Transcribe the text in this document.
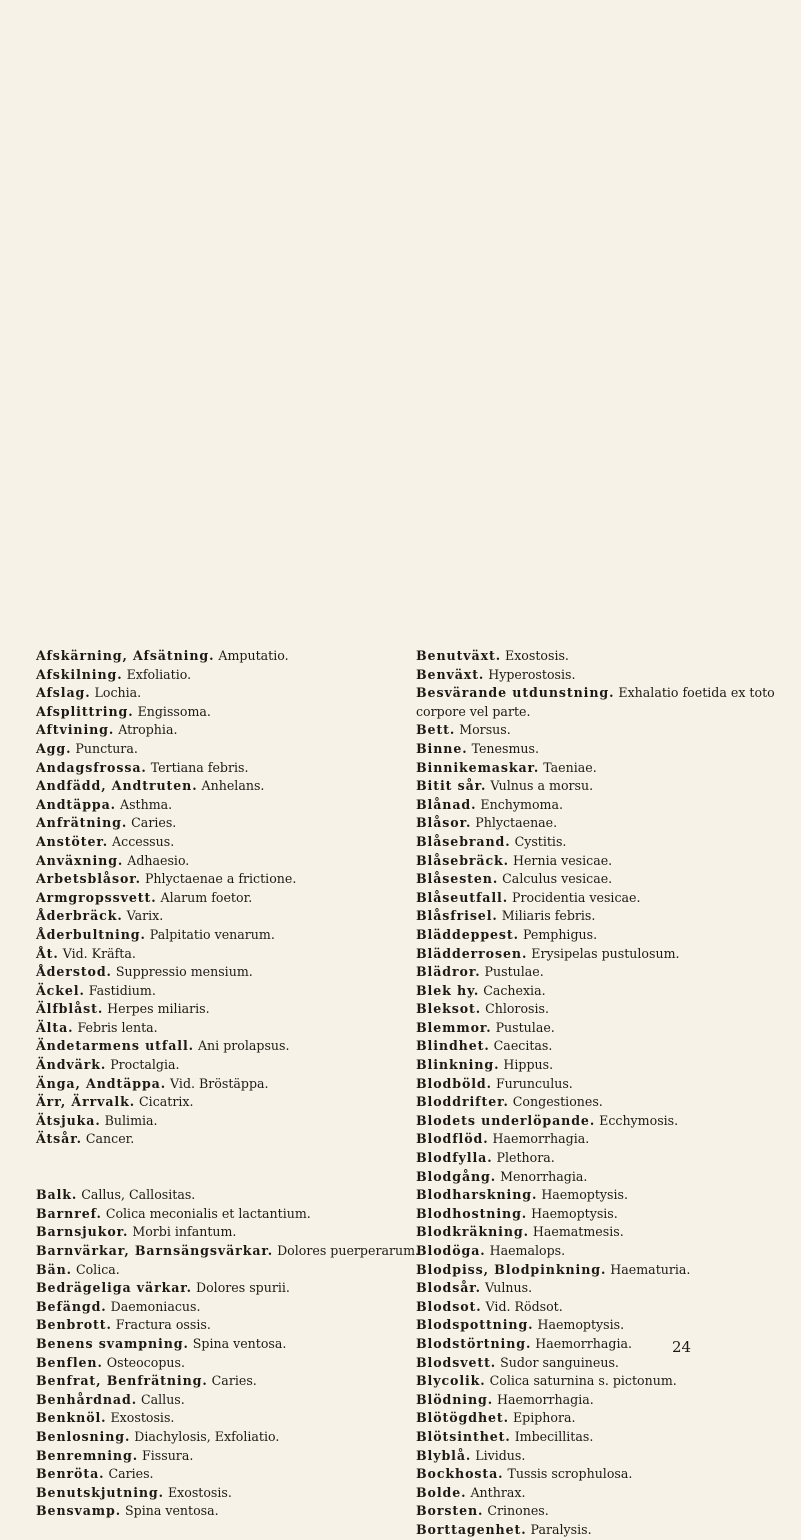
Afskärning, Afsätning. Amputatio.
Afskilning. Exfoliatio.
Afslag. Lochia.
Afsplittring. Engissoma.
Aftvining. Atrophia.
Agg. Punctura.
Andagsfrossa. Tertiana febris.
Andfädd, Andtruten. Anhelans.
Andtäppa. Asthma.
Anfrätning. Caries.
Anstöter. Accessus.
Anväxning. Adhaesio.
Arbetsblåsor. Phlyctaenae a frictione.
Armgropssvett. Alarum foetor.
Åderbräck. Varix.
Åderbultning. Palpitatio venarum.
Åt. Vid. Kräfta.
Åderstod. Suppressio mensium.
Äckel. Fastidium.
Älfblåst. Herpes miliaris.
Älta. Febris lenta.
Ändetarmens utfall. Ani prolapsus.
Ändvärk. Proctalgia.
Änga, Andtäppa. Vid. Bröstäppa.
Ärr, Ärrvalk. Cicatrix.
Ätsjuka. Bulimia.
Ätsår. Cancer.
Balk. Callus, Callositas.
Barnref. Colica meconialis et lactantium.
Barnsjukor. Morbi infantum.
Barnvärkar, Barnsängsvärkar. Dolores puerperarum.
Bän. Colica.
Bedrägeliga värkar. Dolores spurii.
Befängd. Daemoniacus.
Benbrott. Fractura ossis.
Benens svampning. Spina ventosa.
Benflen. Osteocopus.
Benfrat, Benfrätning. Caries.
Benhårdnad. Callus.
Benknöl. Exostosis.
Benlosning. Diachylosis, Exfoliatio.
Benremning. Fissura.
Benröta. Caries.
Benutskjutning. Exostosis.
Bensvamp. Spina ventosa.
Benutväxt. Exostosis.
Benväxt. Hyperostosis.
Besvärande utdunstning. Exhalatio foetida ex toto corpore vel parte.
Bett. Morsus.
Binne. Tenesmus.
Binnikemaskar. Taeniae.
Bitit sår. Vulnus a morsu.
Blånad. Enchymoma.
Blåsor. Phlyctaenae.
Blåsebrand. Cystitis.
Blåsebräck. Hernia vesicae.
Blåsesten. Calculus vesicae.
Blåseutfall. Procidentia vesicae.
Blåsfrisel. Miliaris febris.
Bläddерpest. Pemphigus.
Bläddеrrosen. Erysipelas pustulosum.
Blädror. Pustulae.
Blek hy. Cachexia.
Bleksot. Chlorosis.
Blemmor. Pustulae.
Blindhet. Caecitas.
Blinkning. Hippus.
Blodböld. Furunculus.
Bloddrifter. Congestiones.
Blodets underlöpande. Ecchymosis.
Blodflöd. Haemorrhagia.
Blodfylla. Plethora.
Blodgång. Menorrhagia.
Blodharskning. Haemoptysis.
Blodhostning. Haemoptysis.
Blodkräkning. Haematmesis.
Blodöga. Haemalops.
Blodpiss, Blodpinkning. Haematuria.
Blodsår. Vulnus.
Blodsot. Vid. Rödsot.
Blodspottning. Haemoptysis.
Blodstörtning. Haemorrhagia.
Blodsvett. Sudor sanguineus.
Blycolik. Colica saturnina s. pictonum.
Blödning. Haemorrhagia.
Blötögdhet. Epiphora.
Blötsinthet. Imbecillitas.
Blyblå. Lividus.
Bockhosta. Tussis scrophulosa.
Bolde. Anthrax.
Borsten. Crinones.
Borttagenhet. Paralysis.
24
